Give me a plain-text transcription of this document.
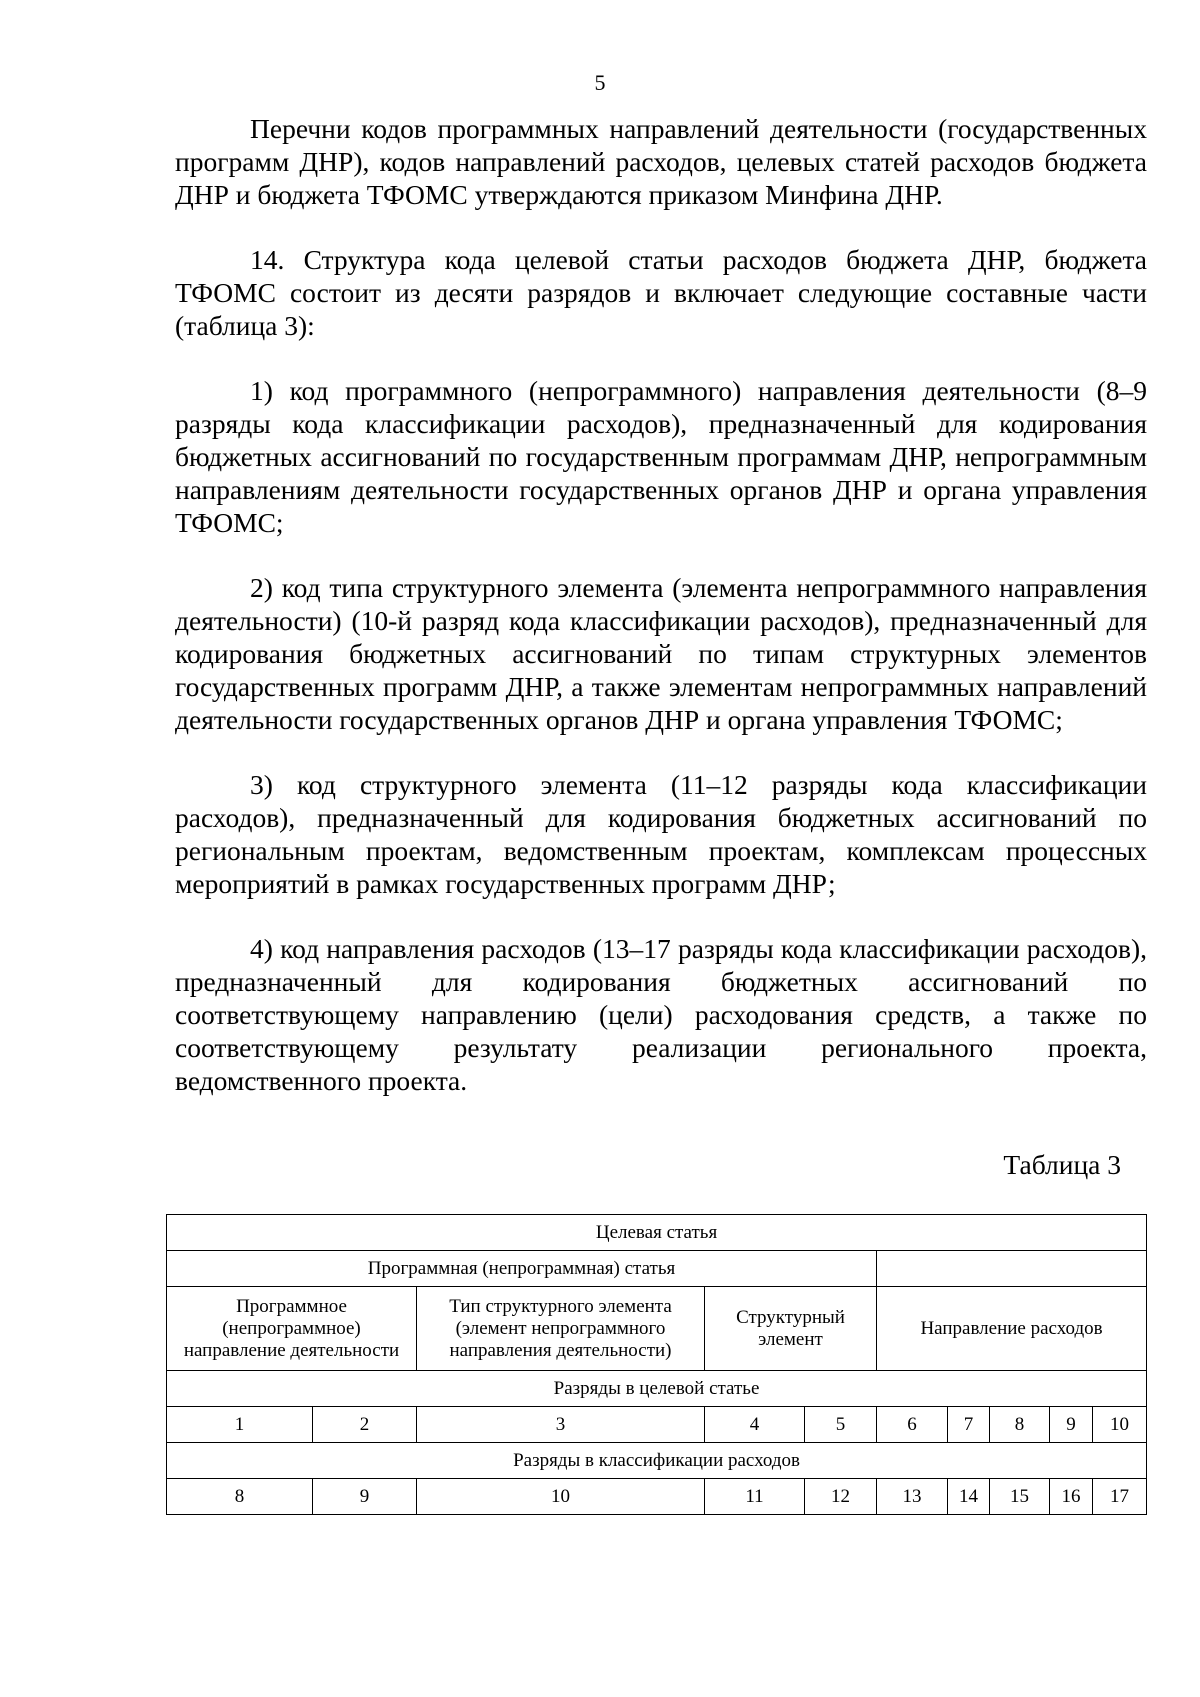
5

Перечни кодов программных направлений деятельности (государственных программ ДНР), кодов направлений расходов, целевых статей расходов бюджета ДНР и бюджета ТФОМС утверждаются приказом Минфина ДНР.

14. Структура кода целевой статьи расходов бюджета ДНР, бюджета ТФОМС состоит из десяти разрядов и включает следующие составные части (таблица 3):

1) код программного (непрограммного) направления деятельности (8–9 разряды кода классификации расходов), предназначенный для кодирования бюджетных ассигнований по государственным программам ДНР, непрограммным направлениям деятельности государственных органов ДНР и органа управления ТФОМС;

2) код типа структурного элемента (элемента непрограммного направления деятельности) (10-й разряд кода классификации расходов), предназначенный для кодирования бюджетных ассигнований по типам структурных элементов государственных программ ДНР, а также элементам непрограммных направлений деятельности государственных органов ДНР и органа управления ТФОМС;

3) код структурного элемента (11–12 разряды кода классификации расходов), предназначенный для кодирования бюджетных ассигнований по региональным проектам, ведомственным проектам, комплексам процессных мероприятий в рамках государственных программ ДНР;

4) код направления расходов (13–17 разряды кода классификации расходов), предназначенный для кодирования бюджетных ассигнований по соответствующему направлению (цели) расходования средств, а также по соответствующему результату реализации регионального проекта, ведомственного проекта.

Таблица 3
Целевая статья									
Программная (непрограммная) статья									
Программное (непрограммное) направление деятельности		Тип структурного элемента (элемент непрограммного направления деятельности)	Структурный элемент		Направление расходов				
Разряды в целевой статье									
1	2	3	4	5	6	7	8	9	10
Разряды в классификации расходов									
8	9	10	11	12	13	14	15	16	17
